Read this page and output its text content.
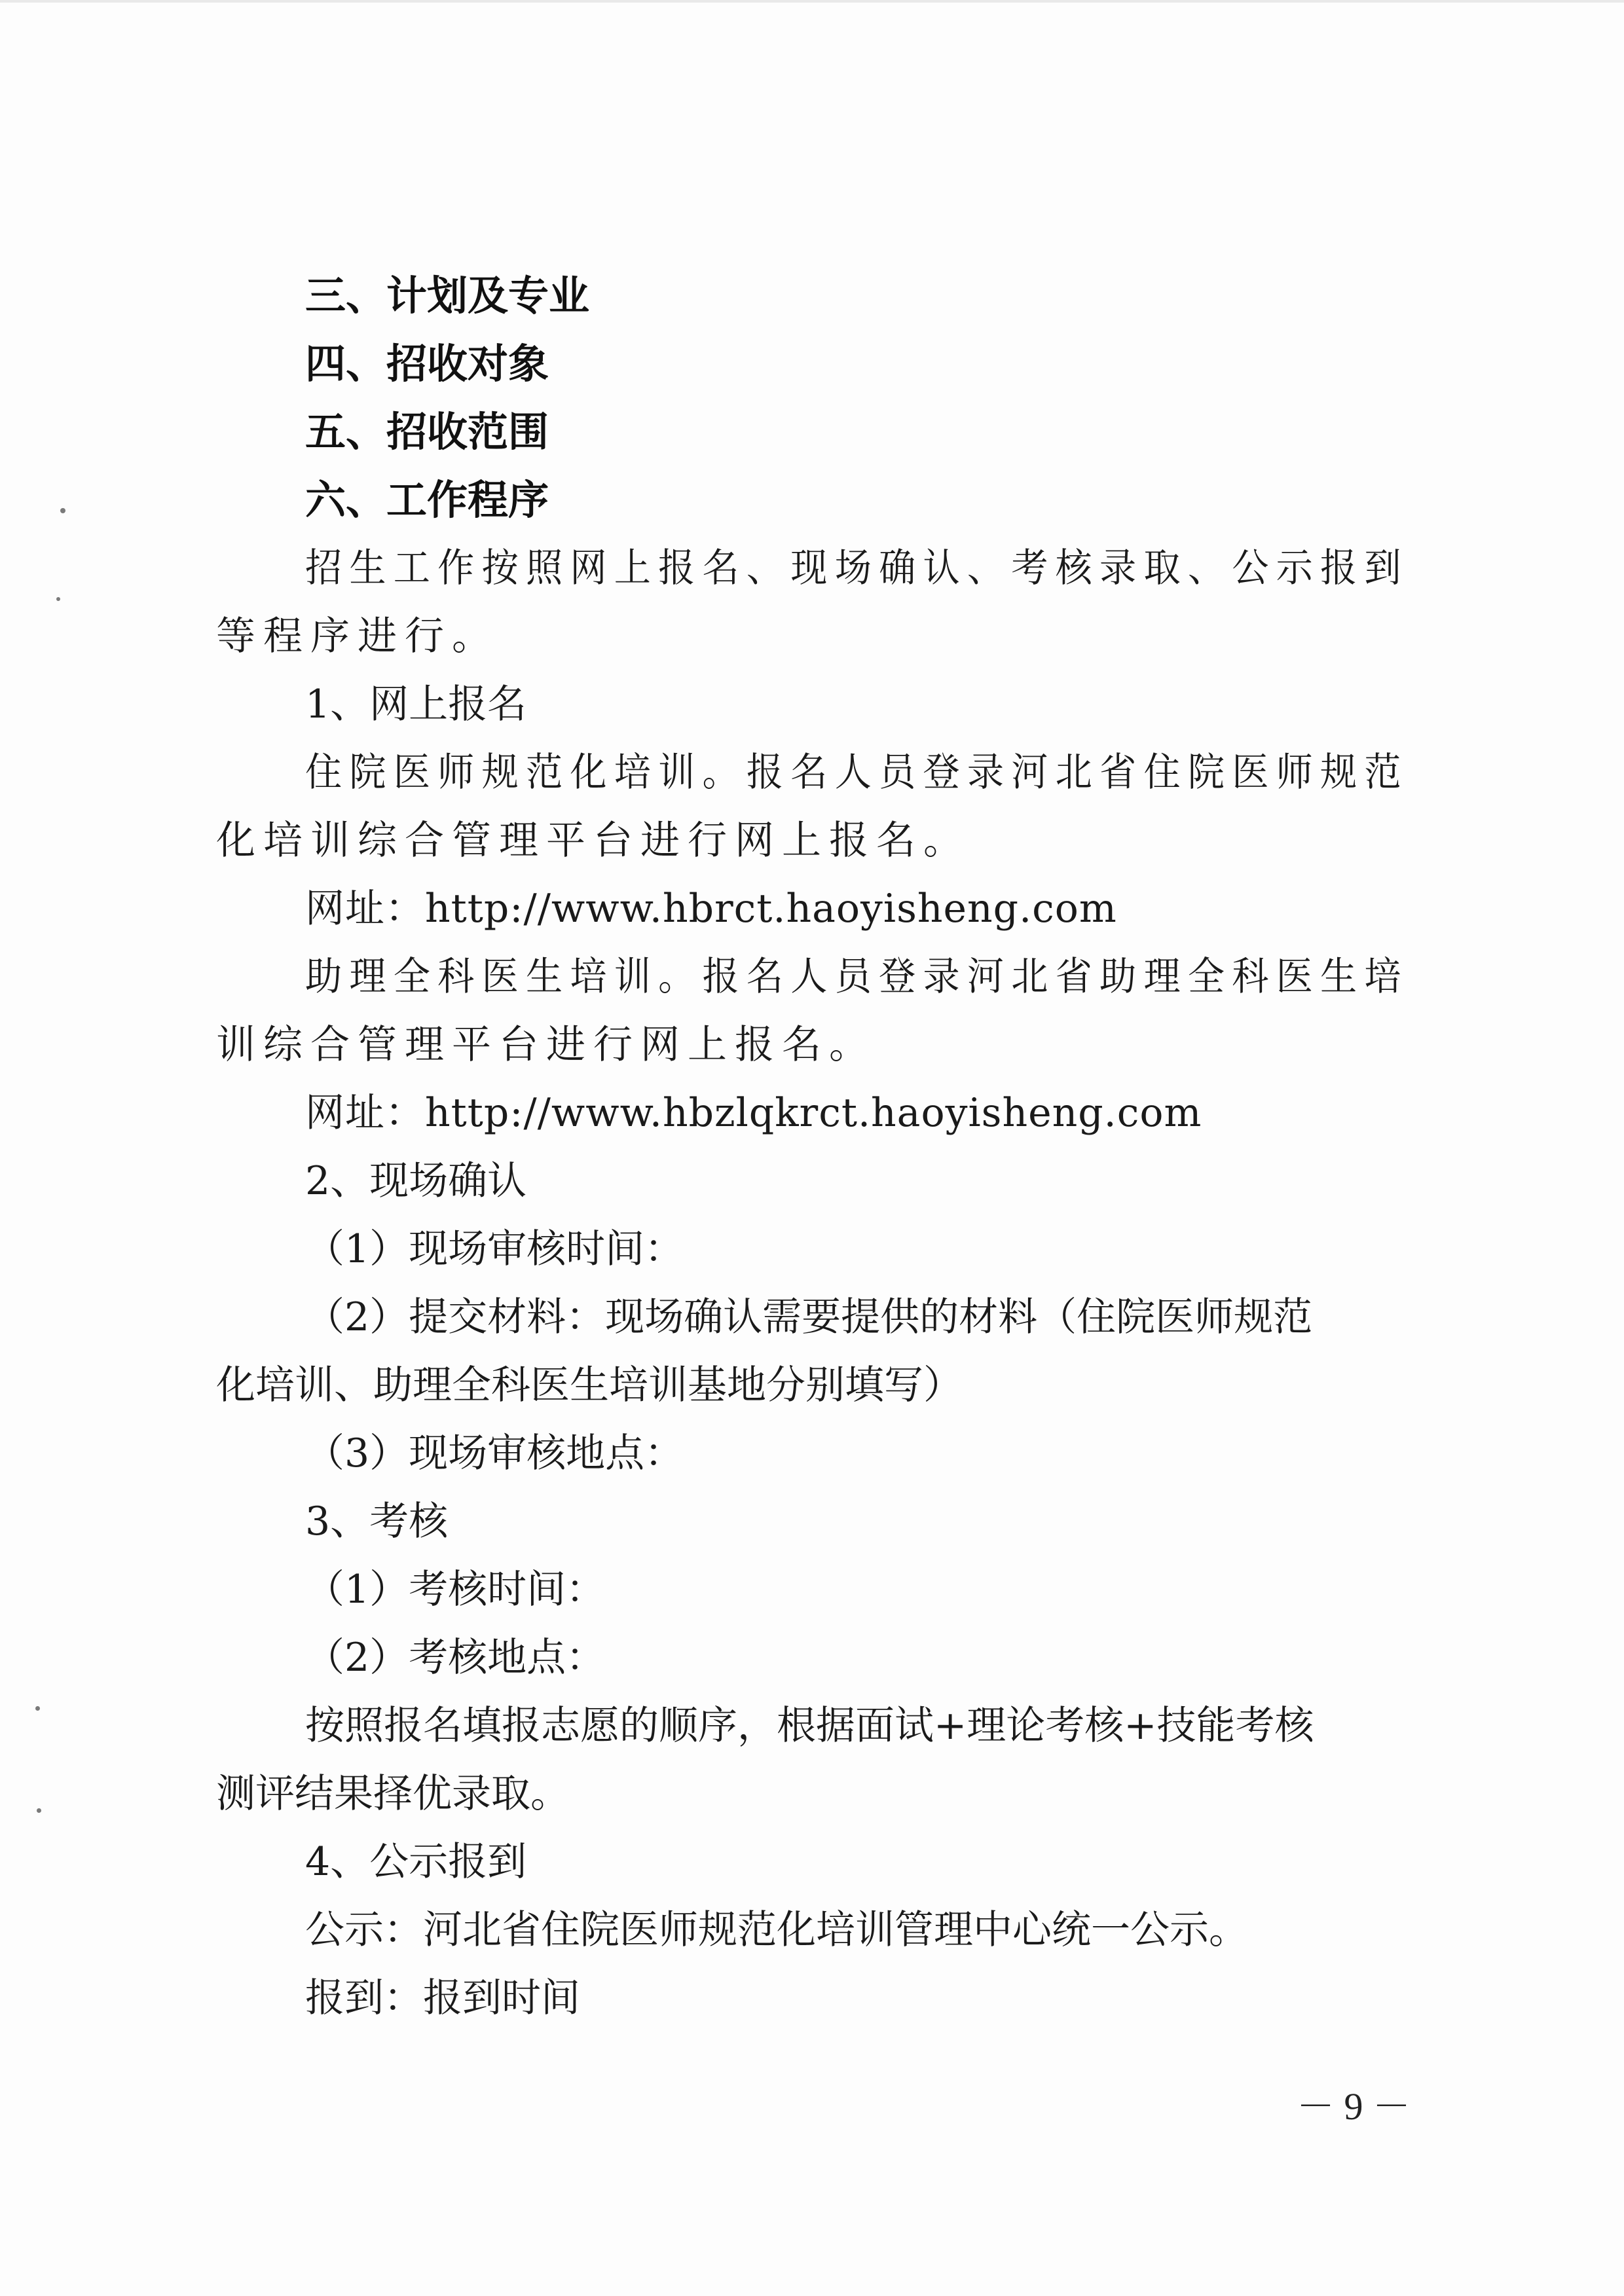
三、计划及专业
四、招收对象
五、招收范围
六、工作程序
招生工作按照网上报名、现场确认、考核录取、公示报到
等程序进行。
1、网上报名
住院医师规范化培训。报名人员登录河北省住院医师规范
化培训综合管理平台进行网上报名。
网址：http://www.hbrct.haoyisheng.com
助理全科医生培训。报名人员登录河北省助理全科医生培
训综合管理平台进行网上报名。
网址：http://www.hbzlqkrct.haoyisheng.com
2、现场确认
（1）现场审核时间：
（2）提交材料：现场确认需要提供的材料（住院医师规范
化培训、助理全科医生培训基地分别填写）
（3）现场审核地点：
3、考核
（1）考核时间：
（2）考核地点：
按照报名填报志愿的顺序，根据面试+理论考核+技能考核
测评结果择优录取。
4、公示报到
公示：河北省住院医师规范化培训管理中心统一公示。
报到：报到时间
－ 9 －
